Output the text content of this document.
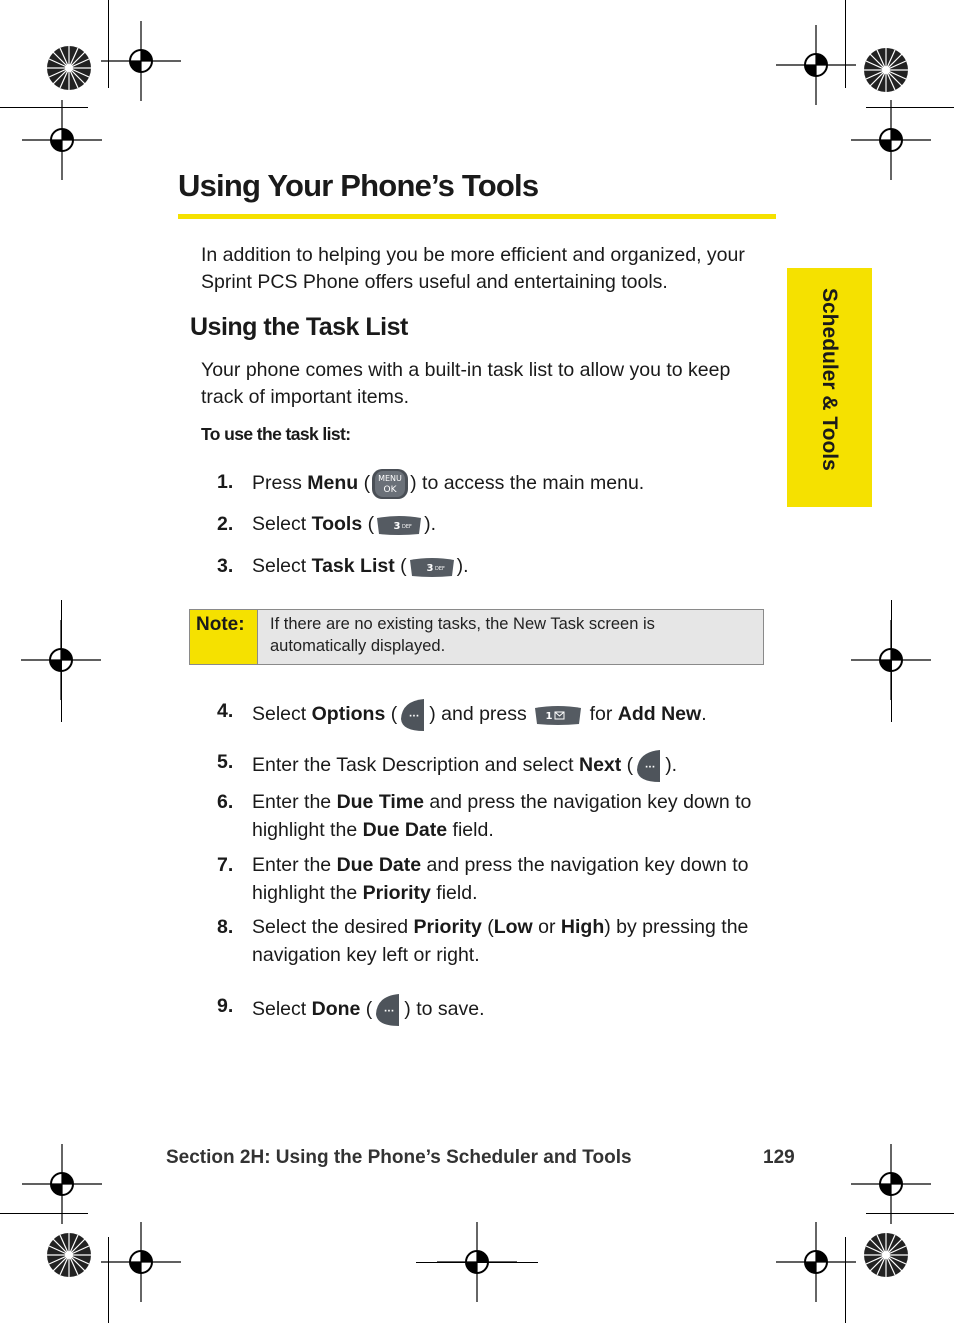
Using Your Phone’s Tools
Scheduler & Tools

In addition to helping you be more efficient and organized, your Sprint PCS Phone offers useful and entertaining tools.

Using the Task List

Your phone comes with a built-in task list to allow you to keep track of important items.

To use the task list:
1. Press Menu ( MENU
OK ) to access the main menu.
2. Select Tools ( 3 DEF ).
3. Select Task List ( 3 DEF ).
Note:	If there are no existing tasks, the New Task screen is automatically displayed.
4. Select Options ( ··· ) and press 1 for Add New.
5. Enter the Task Description and select Next ( ··· ).
6. Enter the Due Time and press the navigation key down to highlight the Due Date field.
7. Enter the Due Date and press the navigation key down to highlight the Priority field.
8. Select the desired Priority (Low or High) by pressing the navigation key left or right.
9. Select Done ( ··· ) to save.
Section 2H: Using the Phone’s Scheduler and Tools	129
